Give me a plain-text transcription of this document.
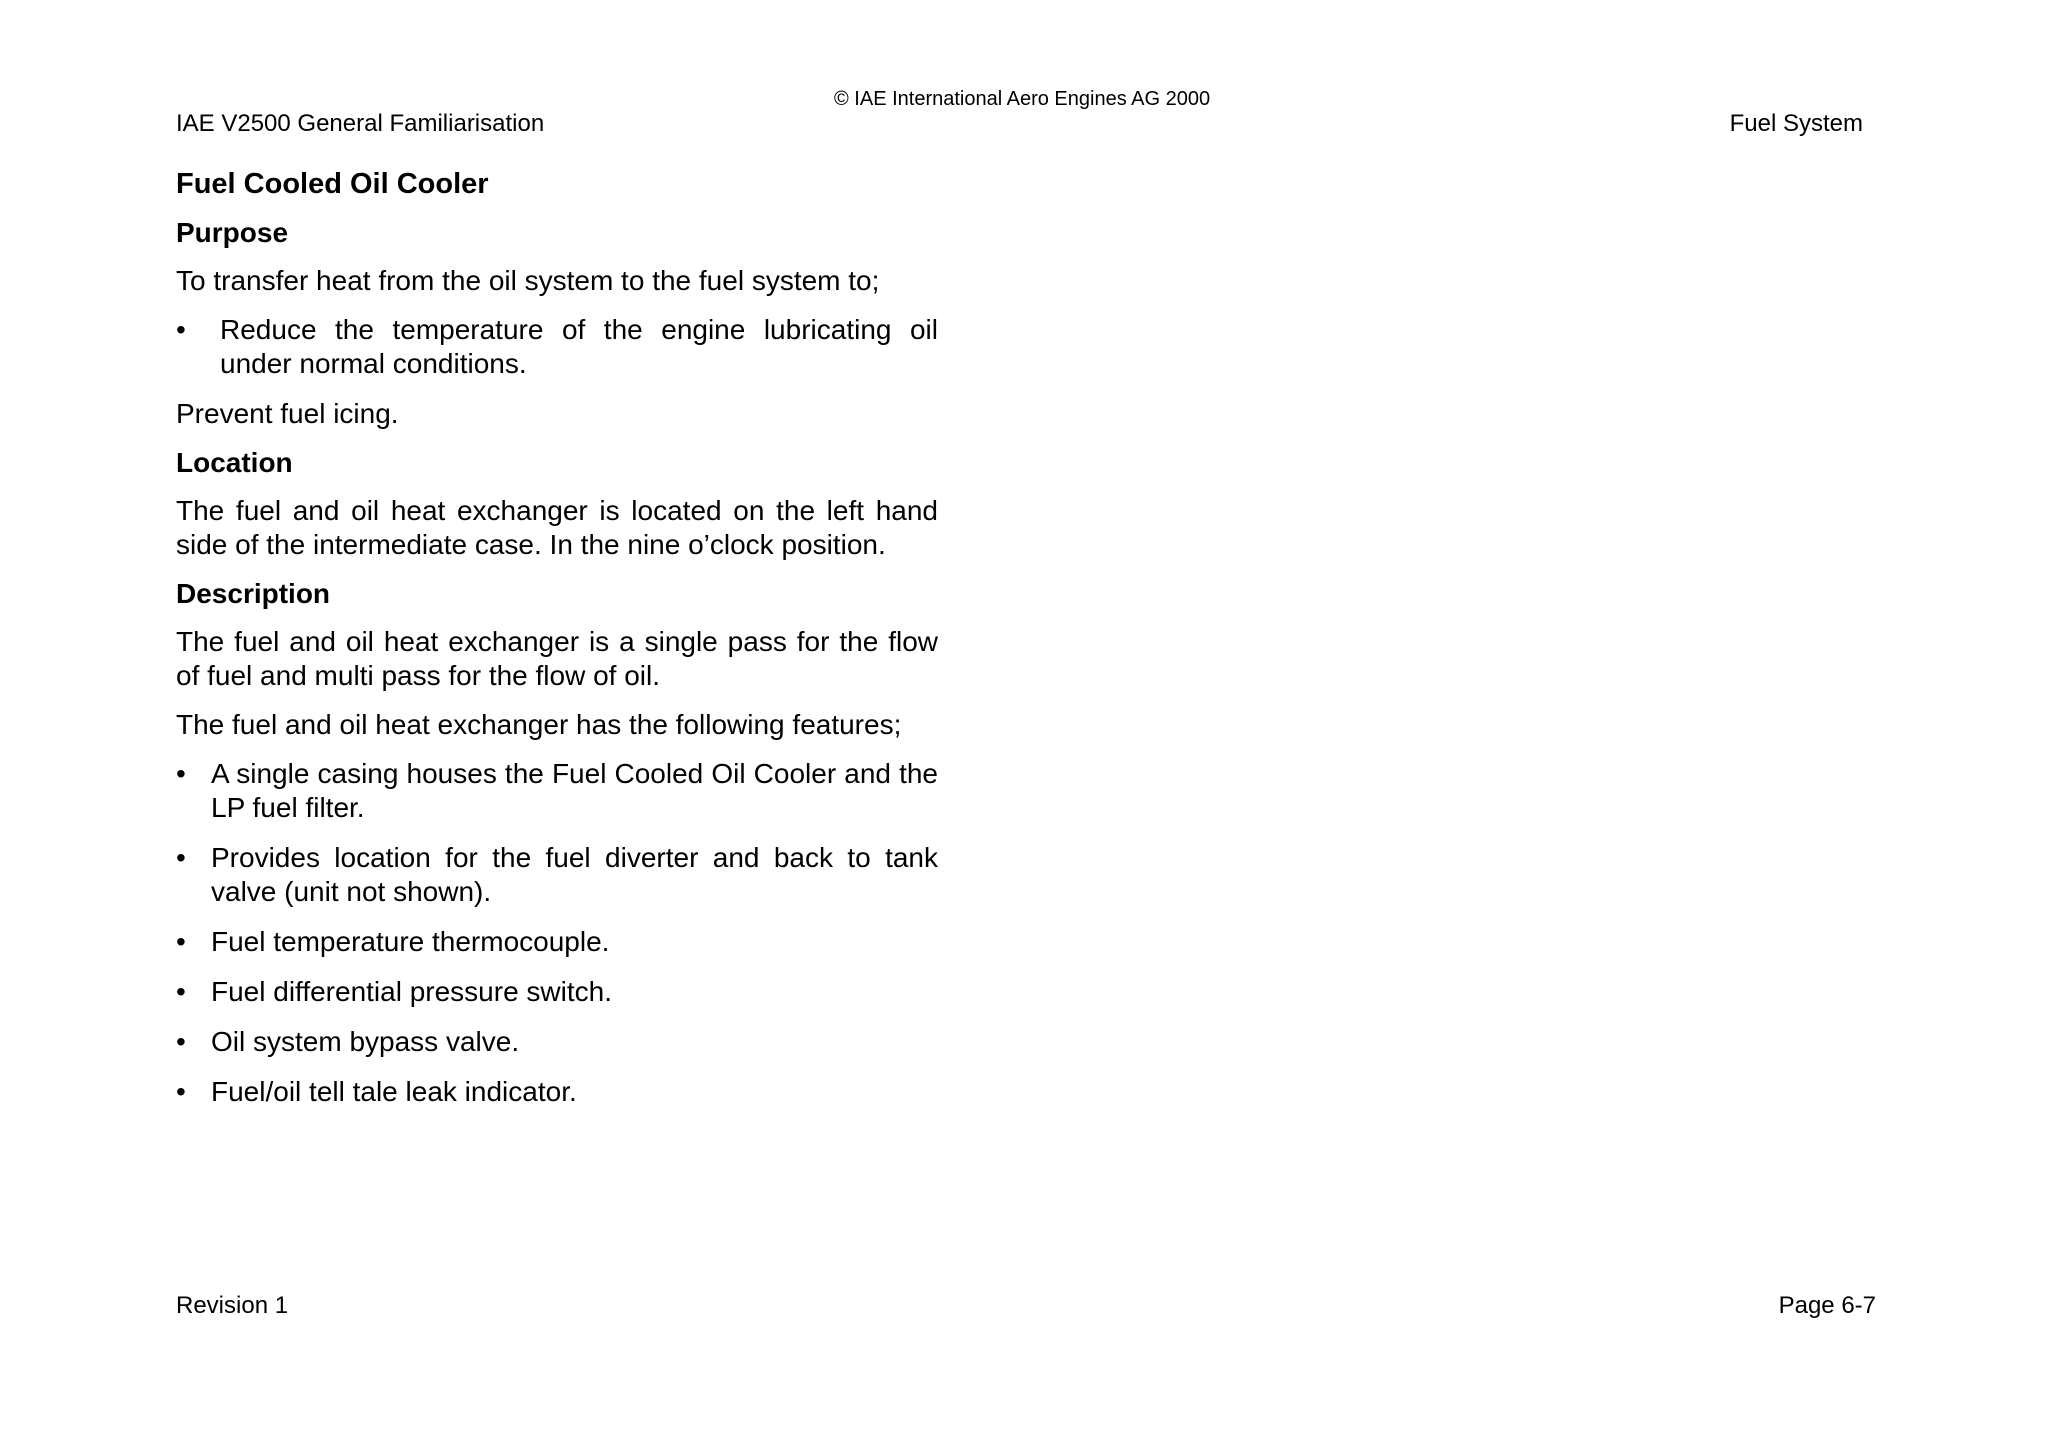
© IAE International Aero Engines AG 2000
IAE V2500 General Familiarisation	Fuel System
Fuel Cooled Oil Cooler
Purpose

To transfer heat from the oil system to the fuel system to;

• Reduce the temperature of the engine lubricating oil under normal conditions.

Prevent fuel icing.

Location

The fuel and oil heat exchanger is located on the left hand side of the intermediate case. In the nine o’clock position.

Description

The fuel and oil heat exchanger is a single pass for the flow of fuel and multi pass for the flow of oil.

The fuel and oil heat exchanger has the following features;

• A single casing houses the Fuel Cooled Oil Cooler and the LP fuel filter.
• Provides location for the fuel diverter and back to tank valve (unit not shown).
• Fuel temperature thermocouple.
• Fuel differential pressure switch.
• Oil system bypass valve.
• Fuel/oil tell tale leak indicator.
Revision 1	Page 6-7
